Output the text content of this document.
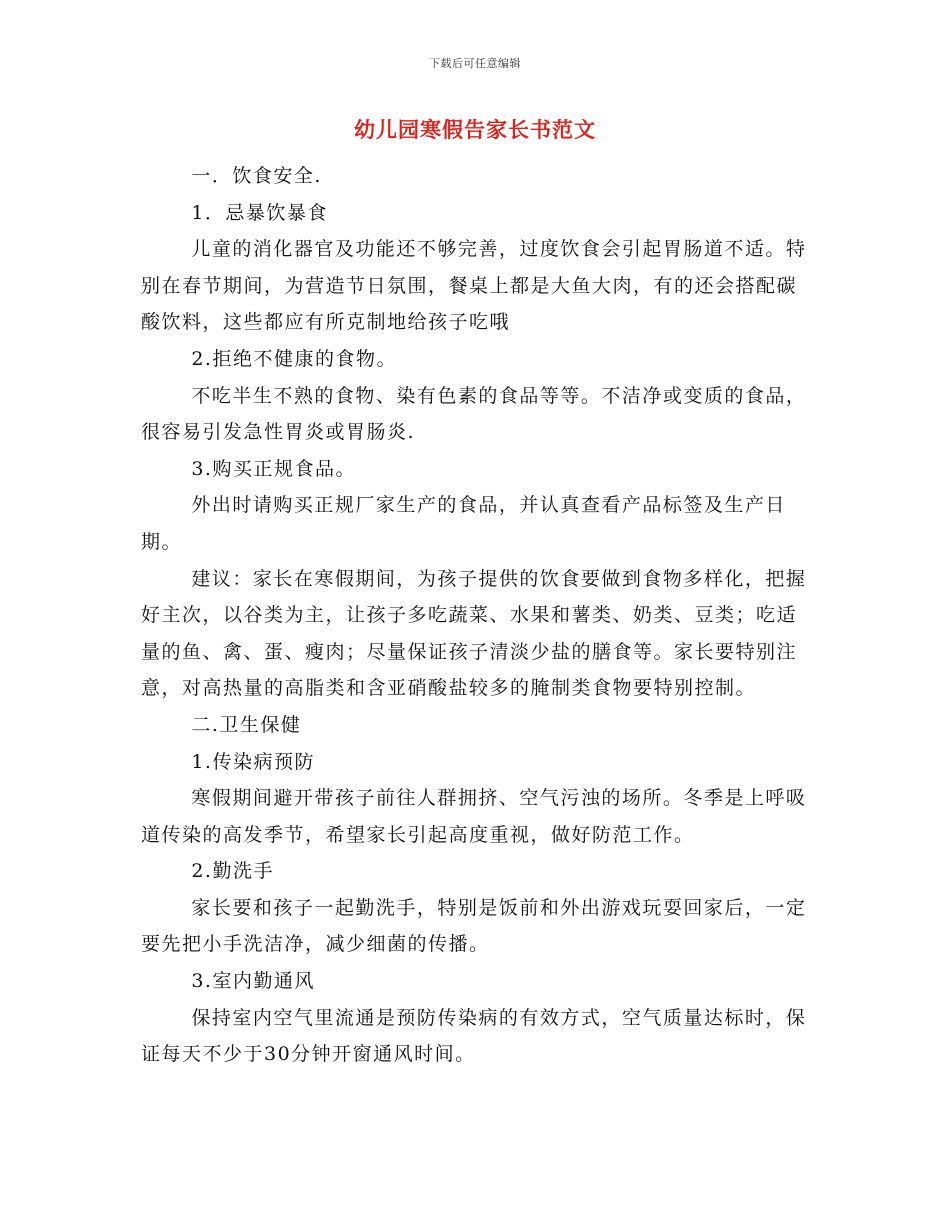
下载后可任意编辑
幼儿园寒假告家长书范文

一．饮食安全.

1．忌暴饮暴食

儿童的消化器官及功能还不够完善，过度饮食会引起胃肠道不适。特别在春节期间，为营造节日氛围，餐桌上都是大鱼大肉，有的还会搭配碳酸饮料，这些都应有所克制地给孩子吃哦

2.拒绝不健康的食物。

不吃半生不熟的食物、染有色素的食品等等。不洁净或变质的食品，很容易引发急性胃炎或胃肠炎.

3.购买正规食品。

外出时请购买正规厂家生产的食品，并认真查看产品标签及生产日期。

建议：家长在寒假期间，为孩子提供的饮食要做到食物多样化，把握好主次，以谷类为主，让孩子多吃蔬菜、水果和薯类、奶类、豆类；吃适量的鱼、禽、蛋、瘦肉；尽量保证孩子清淡少盐的膳食等。家长要特别注意，对高热量的高脂类和含亚硝酸盐较多的腌制类食物要特别控制。

二.卫生保健

1.传染病预防

寒假期间避开带孩子前往人群拥挤、空气污浊的场所。冬季是上呼吸道传染的高发季节，希望家长引起高度重视，做好防范工作。

2.勤洗手

家长要和孩子一起勤洗手，特别是饭前和外出游戏玩耍回家后，一定要先把小手洗洁净，减少细菌的传播。

3.室内勤通风

保持室内空气里流通是预防传染病的有效方式，空气质量达标时，保证每天不少于30分钟开窗通风时间。
